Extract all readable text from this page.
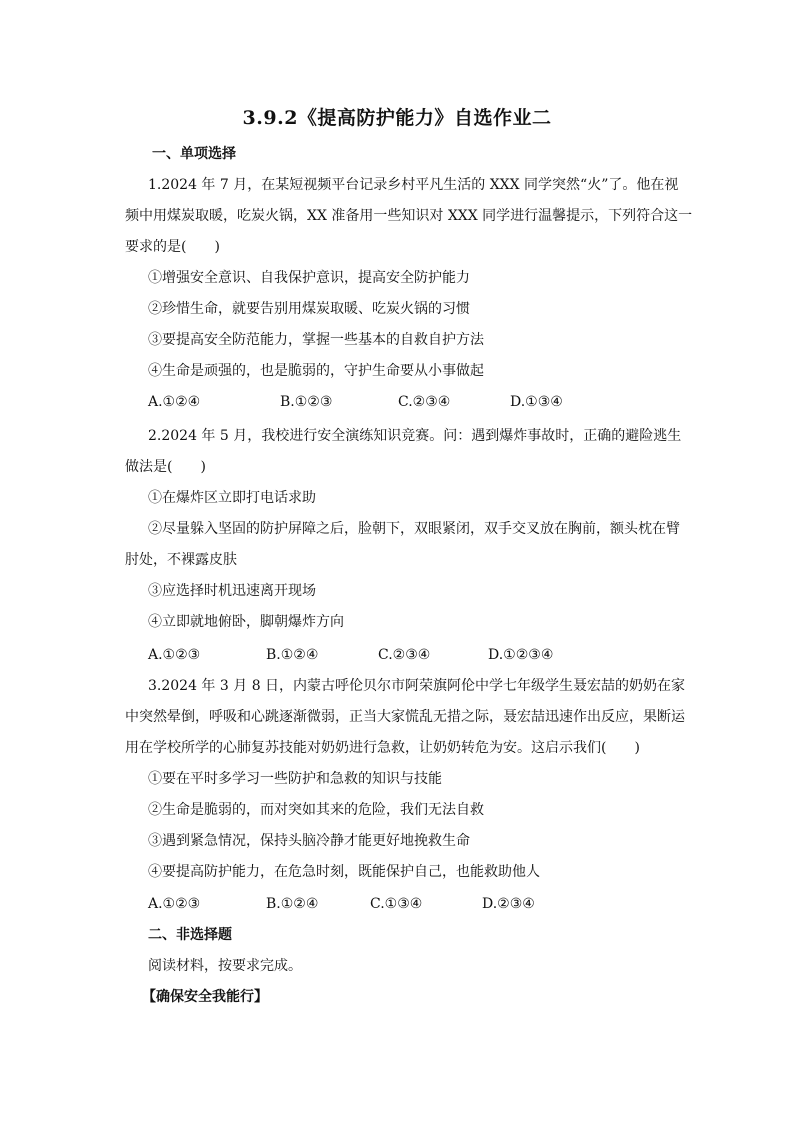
3.9.2《提高防护能力》自选作业二
一、单项选择
1.2024 年 7 月，在某短视频平台记录乡村平凡生活的 XXX 同学突然“火”了。他在视
频中用煤炭取暖，吃炭火锅，XX 准备用一些知识对 XXX 同学进行温馨提示，下列符合这一
要求的是(　　)
①增强安全意识、自我保护意识，提高安全防护能力
②珍惜生命，就要告别用煤炭取暖、吃炭火锅的习惯
③要提高安全防范能力，掌握一些基本的自救自护方法
④生命是顽强的，也是脆弱的，守护生命要从小事做起
A.①②④	B.①②③	C.②③④	D.①③④
2.2024 年 5 月，我校进行安全演练知识竞赛。问：遇到爆炸事故时，正确的避险逃生
做法是(　　)
①在爆炸区立即打电话求助
②尽量躲入坚固的防护屏障之后，脸朝下，双眼紧闭，双手交叉放在胸前，额头枕在臂
肘处，不裸露皮肤
③应选择时机迅速离开现场
④立即就地俯卧，脚朝爆炸方向
A.①②③	B.①②④	C.②③④	D.①②③④
3.2024 年 3 月 8 日，内蒙古呼伦贝尔市阿荣旗阿伦中学七年级学生聂宏喆的奶奶在家
中突然晕倒，呼吸和心跳逐渐微弱，正当大家慌乱无措之际，聂宏喆迅速作出反应，果断运
用在学校所学的心肺复苏技能对奶奶进行急救，让奶奶转危为安。这启示我们(　　)
①要在平时多学习一些防护和急救的知识与技能
②生命是脆弱的，而对突如其来的危险，我们无法自救
③遇到紧急情况，保持头脑冷静才能更好地挽救生命
④要提高防护能力，在危急时刻，既能保护自己，也能救助他人
A.①②③	B.①②④	C.①③④	D.②③④
二、非选择题
阅读材料，按要求完成。
【确保安全我能行】
